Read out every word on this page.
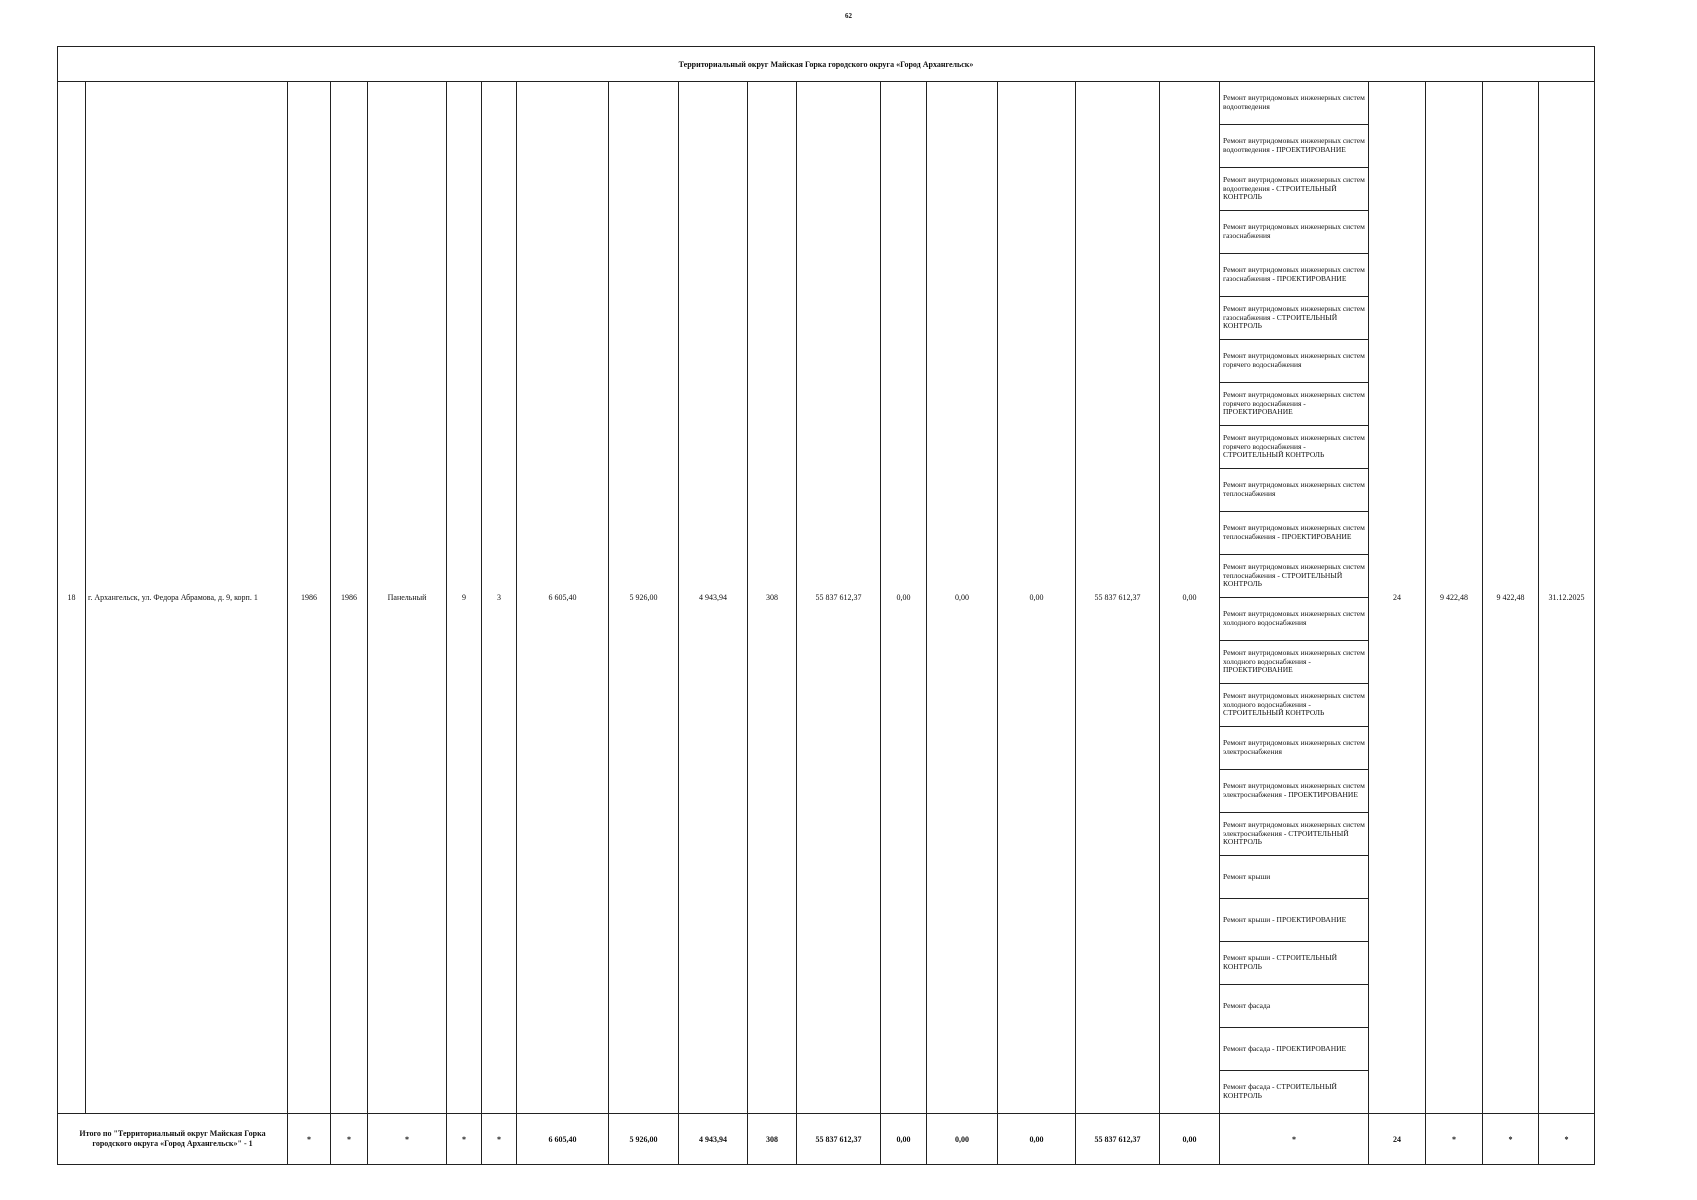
62
Территориальный округ Майская Горка городского округа «Город Архангельск»																					
18	г. Архангельск, ул. Федора Абрамова, д. 9, корп. 1	1986	1986	Панельный	9	3	6 605,40	5 926,00	4 943,94	308	55 837 612,37	0,00	0,00	0,00	55 837 612,37	0,00	Ремонт внутридомовых инженерных систем водоотведения	24	9 422,48	9 422,48	31.12.2025
																	Ремонт внутридомовых инженерных систем водоотведения - ПРОЕКТИРОВАНИЕ				
																	Ремонт внутридомовых инженерных систем водоотведения - СТРОИТЕЛЬНЫЙ КОНТРОЛЬ				
																	Ремонт внутридомовых инженерных систем газоснабжения				
																	Ремонт внутридомовых инженерных систем газоснабжения - ПРОЕКТИРОВАНИЕ				
																	Ремонт внутридомовых инженерных систем газоснабжения - СТРОИТЕЛЬНЫЙ КОНТРОЛЬ				
																	Ремонт внутридомовых инженерных систем горячего водоснабжения				
																	Ремонт внутридомовых инженерных систем горячего водоснабжения - ПРОЕКТИРОВАНИЕ				
																	Ремонт внутридомовых инженерных систем горячего водоснабжения - СТРОИТЕЛЬНЫЙ КОНТРОЛЬ				
																	Ремонт внутридомовых инженерных систем теплоснабжения				
																	Ремонт внутридомовых инженерных систем теплоснабжения - ПРОЕКТИРОВАНИЕ				
																	Ремонт внутридомовых инженерных систем теплоснабжения - СТРОИТЕЛЬНЫЙ КОНТРОЛЬ				
																	Ремонт внутридомовых инженерных систем холодного водоснабжения				
																	Ремонт внутридомовых инженерных систем холодного водоснабжения - ПРОЕКТИРОВАНИЕ				
																	Ремонт внутридомовых инженерных систем холодного водоснабжения - СТРОИТЕЛЬНЫЙ КОНТРОЛЬ				
																	Ремонт внутридомовых инженерных систем электроснабжения				
																	Ремонт внутридомовых инженерных систем электроснабжения - ПРОЕКТИРОВАНИЕ				
																	Ремонт внутридомовых инженерных систем электроснабжения - СТРОИТЕЛЬНЫЙ КОНТРОЛЬ				
																	Ремонт крыши				
																	Ремонт крыши - ПРОЕКТИРОВАНИЕ				
																	Ремонт крыши - СТРОИТЕЛЬНЫЙ КОНТРОЛЬ				
																	Ремонт фасада				
																	Ремонт фасада - ПРОЕКТИРОВАНИЕ				
																	Ремонт фасада - СТРОИТЕЛЬНЫЙ КОНТРОЛЬ				
Итого по "Территориальный округ Майская Горка городского округа «Город Архангельск»" - 1		*	*	*	*	*	6 605,40	5 926,00	4 943,94	308	55 837 612,37	0,00	0,00	0,00	55 837 612,37	0,00	*	24	*	*	*
